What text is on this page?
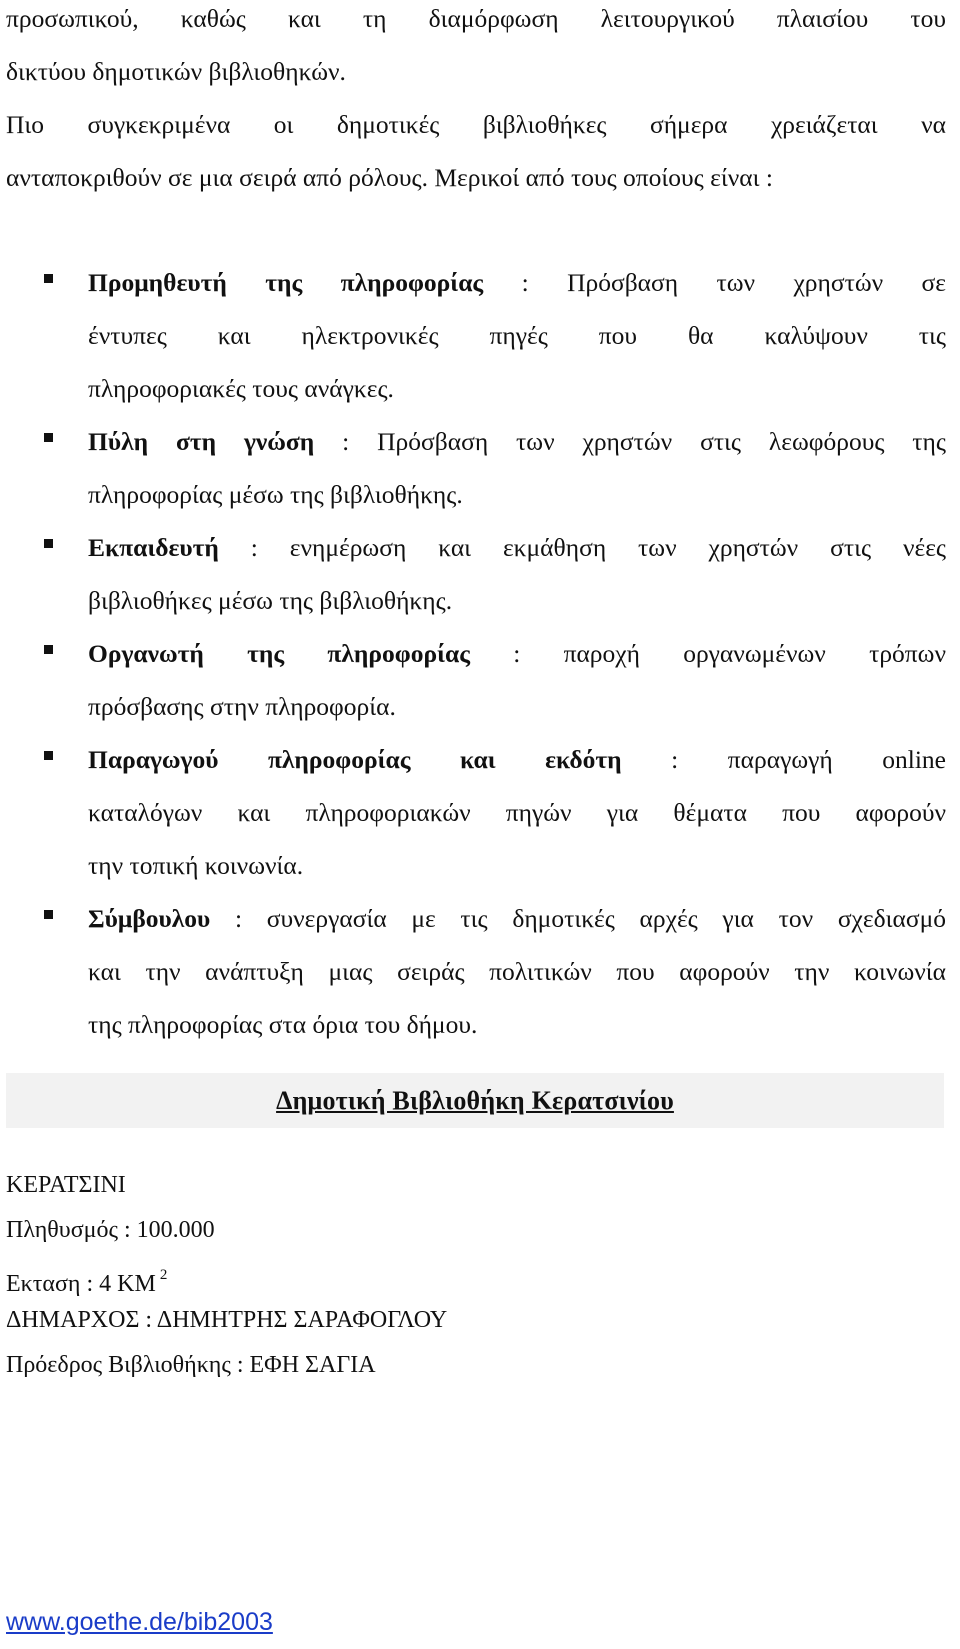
προσωπικού, καθώς και τη διαμόρφωση λειτουργικού πλαισίου του
δικτύου δημοτικών βιβλιοθηκών.
Πιο συγκεκριμένα οι δημοτικές βιβλιοθήκες σήμερα χρειάζεται να
ανταποκριθούν σε μια σειρά από ρόλους. Μερικοί από τους οποίους είναι :
Προμηθευτή της πληροφορίας : Πρόσβαση των χρηστών σε
έντυπες και ηλεκτρονικές πηγές που θα καλύψουν τις
πληροφοριακές τους ανάγκες.
Πύλη στη γνώση : Πρόσβαση των χρηστών στις λεωφόρους της
πληροφορίας μέσω της βιβλιοθήκης.
Εκπαιδευτή : ενημέρωση και εκμάθηση των χρηστών στις νέες
βιβλιοθήκες μέσω της βιβλιοθήκης.
Οργανωτή της πληροφορίας : παροχή οργανωμένων τρόπων
πρόσβασης στην πληροφορία.
Παραγωγού πληροφορίας και εκδότη : παραγωγή online
καταλόγων και πληροφοριακών πηγών για θέματα που αφορούν
την τοπική κοινωνία.
Σύμβουλου : συνεργασία με τις δημοτικές αρχές για τον σχεδιασμό
και την ανάπτυξη μιας σειράς πολιτικών που αφορούν την κοινωνία
της πληροφορίας στα όρια του δήμου.
Δημοτική Βιβλιοθήκη Κερατσινίου
ΚΕΡΑΤΣΙΝΙ
Πληθυσμός : 100.000
Εκταση : 4 ΚΜ $^2$
ΔΗΜΑΡΧΟΣ : ΔΗΜΗΤΡΗΣ ΣΑΡΑΦΟΓΛΟΥ
Πρόεδρος Βιβλιοθήκης : ΕΦΗ ΣΑΓΙΑ
www.goethe.de/bib2003
